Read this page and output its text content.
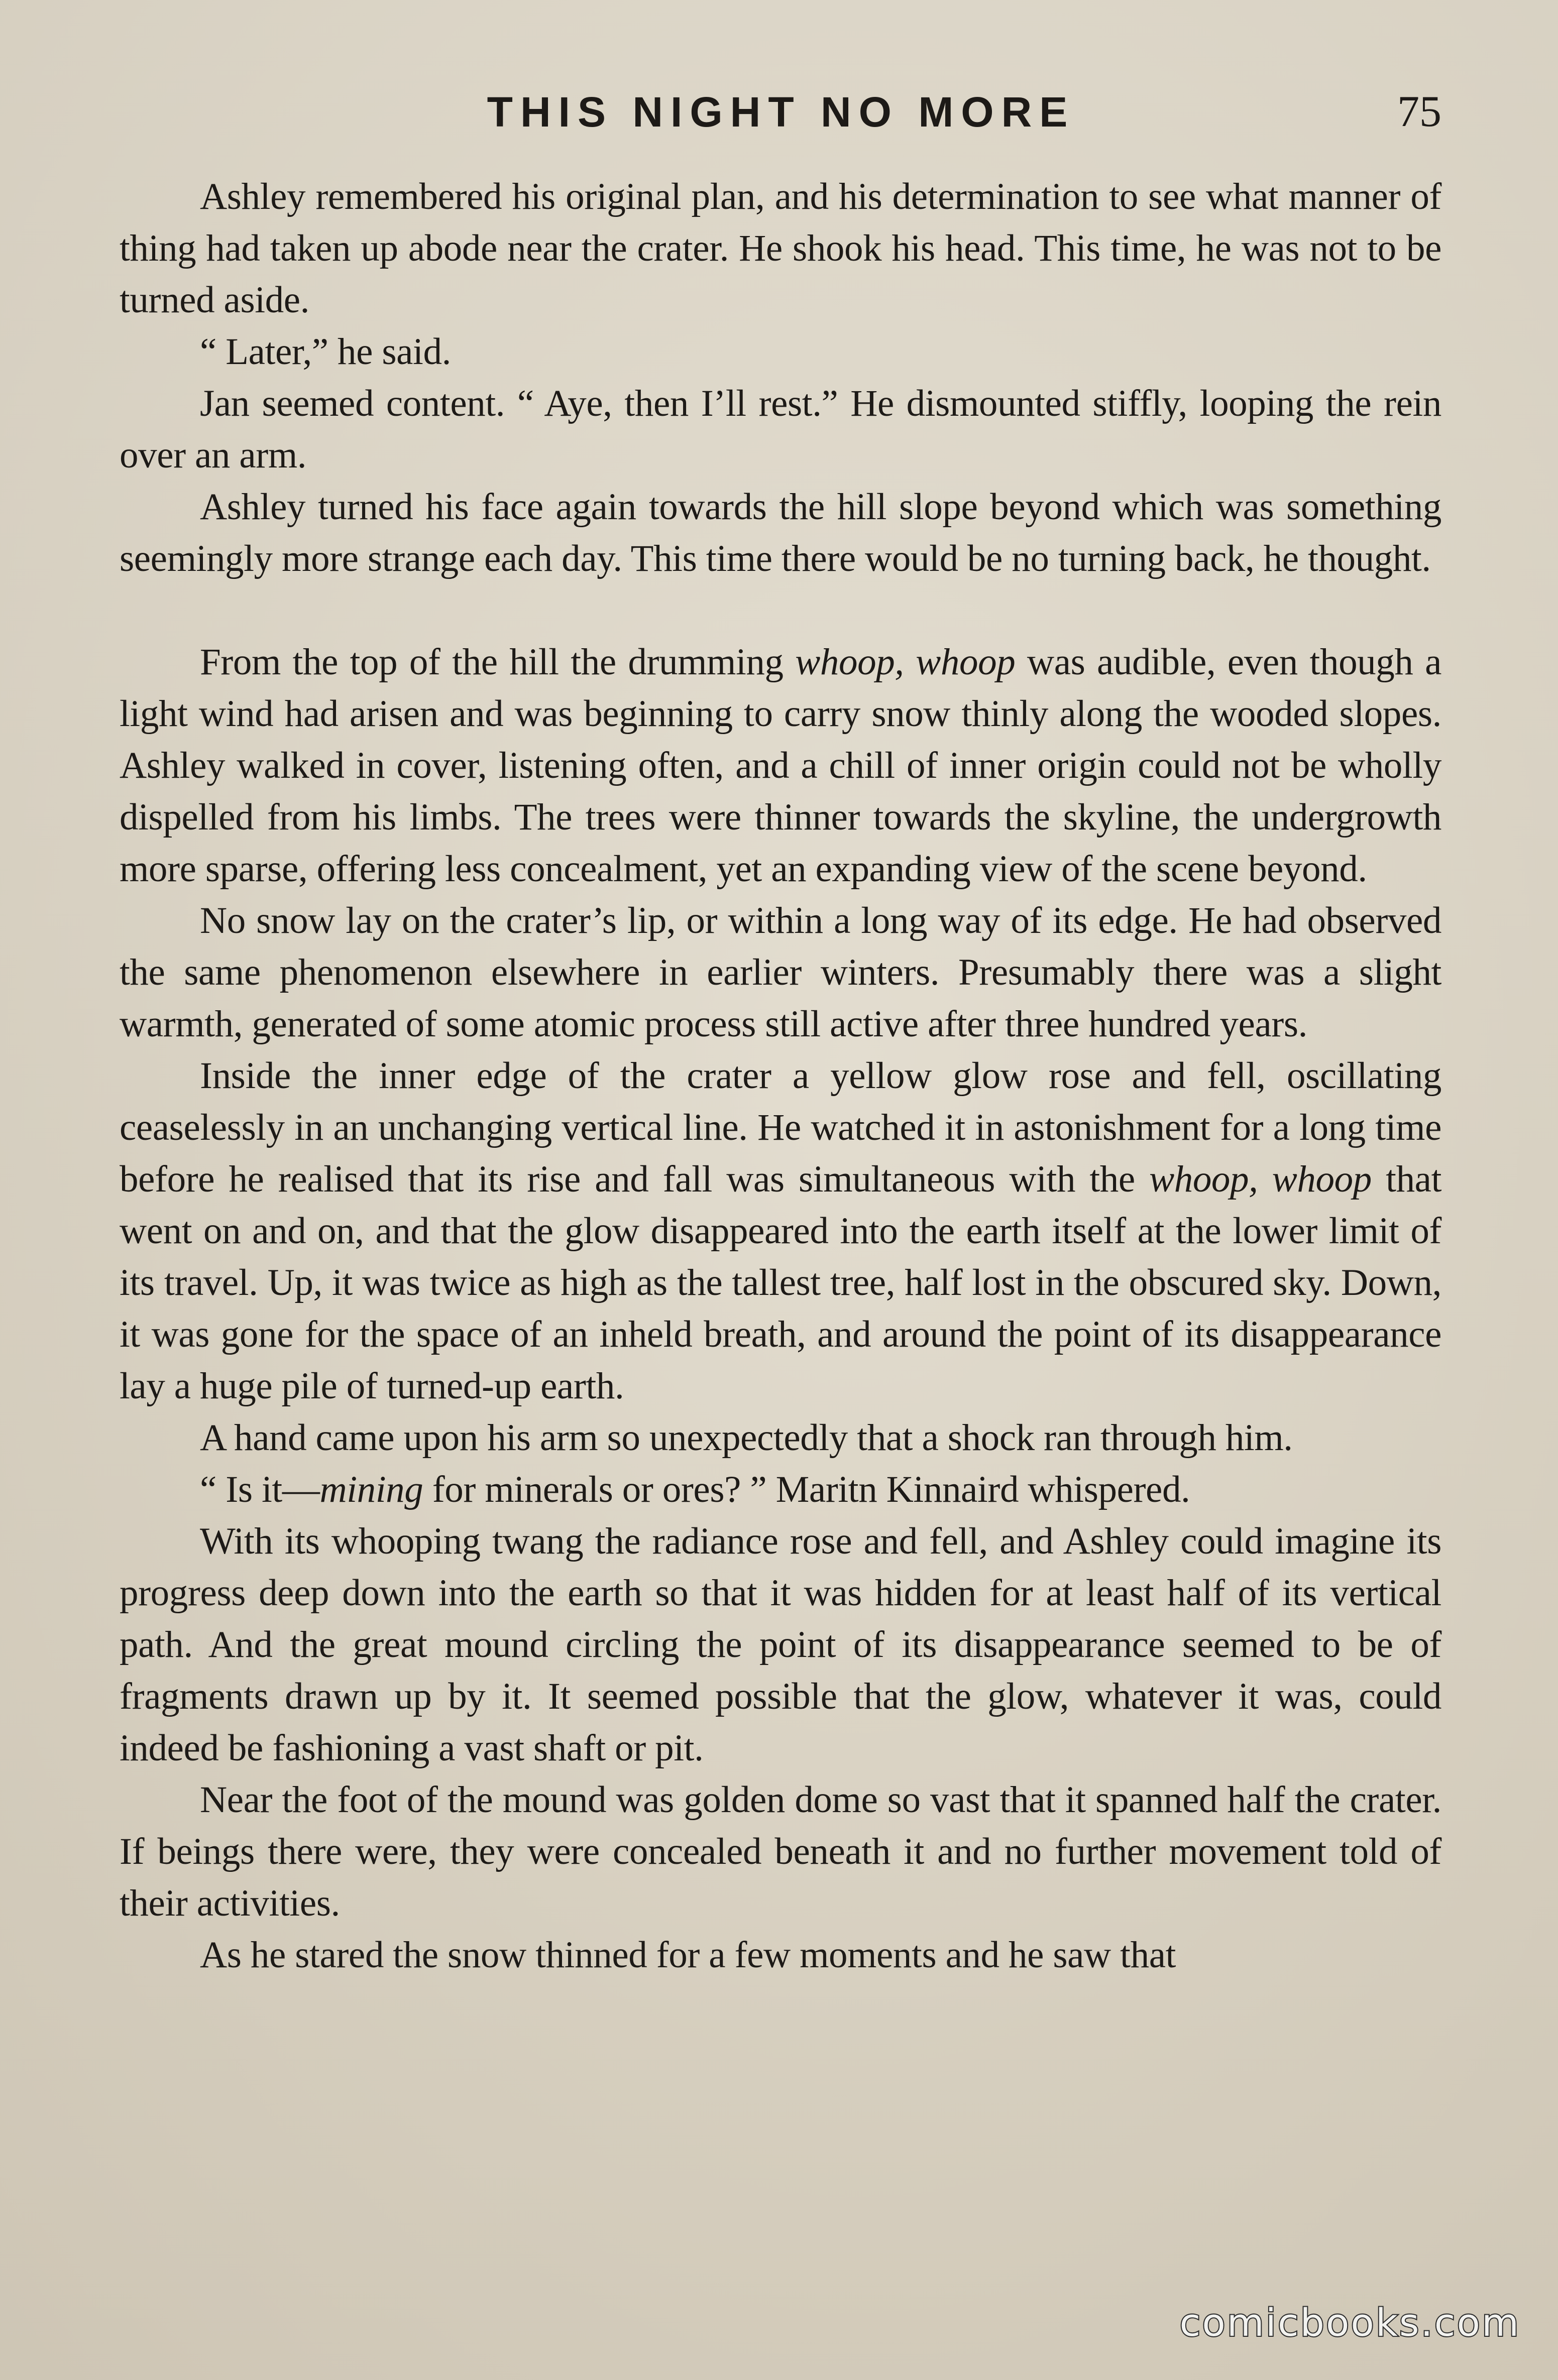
THIS NIGHT NO MORE	75

Ashley remembered his original plan, and his determination to see what manner of thing had taken up abode near the crater. He shook his head. This time, he was not to be turned aside.

“ Later,” he said.

Jan seemed content. “ Aye, then I’ll rest.” He dismounted stiffly, looping the rein over an arm.

Ashley turned his face again towards the hill slope beyond which was something seemingly more strange each day. This time there would be no turning back, he thought.

From the top of the hill the drumming whoop, whoop was audible, even though a light wind had arisen and was beginning to carry snow thinly along the wooded slopes. Ashley walked in cover, listening often, and a chill of inner origin could not be wholly dispelled from his limbs. The trees were thinner towards the skyline, the undergrowth more sparse, offering less concealment, yet an expanding view of the scene beyond.

No snow lay on the crater’s lip, or within a long way of its edge. He had observed the same phenomenon elsewhere in earlier winters. Presumably there was a slight warmth, generated of some atomic process still active after three hundred years.

Inside the inner edge of the crater a yellow glow rose and fell, oscillating ceaselessly in an unchanging vertical line. He watched it in astonishment for a long time before he realised that its rise and fall was simultaneous with the whoop, whoop that went on and on, and that the glow disappeared into the earth itself at the lower limit of its travel. Up, it was twice as high as the tallest tree, half lost in the obscured sky. Down, it was gone for the space of an inheld breath, and around the point of its disappearance lay a huge pile of turned-up earth.

A hand came upon his arm so unexpectedly that a shock ran through him.

“ Is it—mining for minerals or ores? ” Maritn Kinnaird whispered.

With its whooping twang the radiance rose and fell, and Ashley could imagine its progress deep down into the earth so that it was hidden for at least half of its vertical path. And the great mound circling the point of its disappearance seemed to be of fragments drawn up by it. It seemed possible that the glow, whatever it was, could indeed be fashioning a vast shaft or pit.

Near the foot of the mound was golden dome so vast that it spanned half the crater. If beings there were, they were concealed beneath it and no further movement told of their activities.

As he stared the snow thinned for a few moments and he saw that

comicbooks.com
